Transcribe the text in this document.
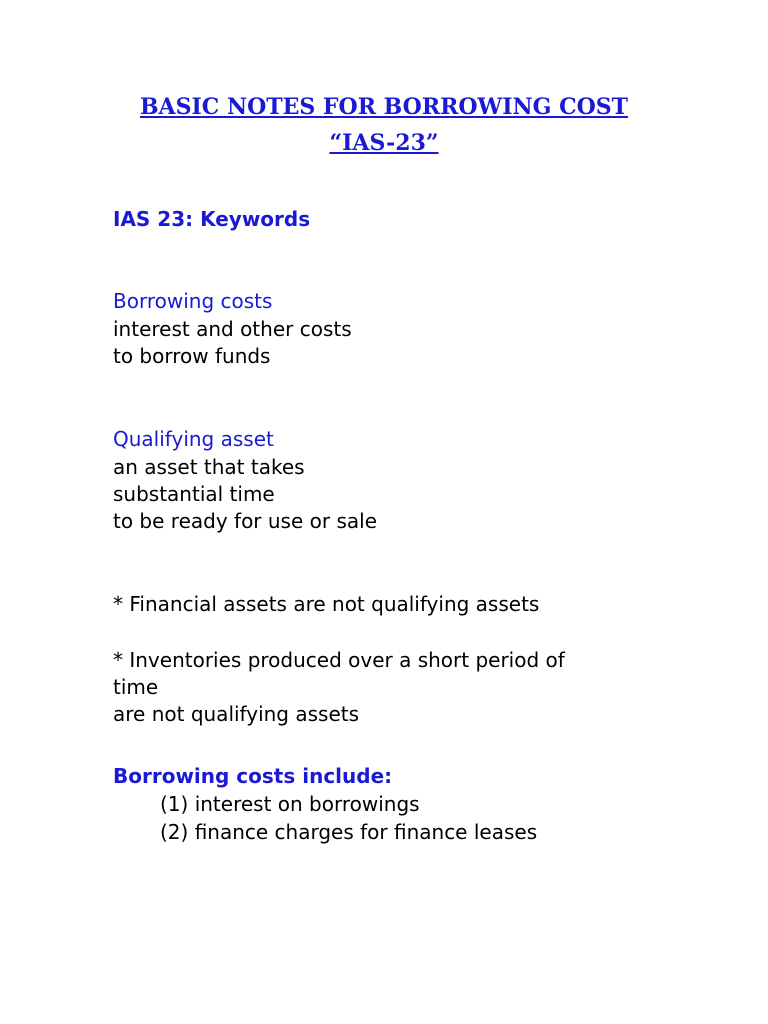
BASIC NOTES FOR BORROWING COST
“IAS-23”
IAS 23: Keywords
Borrowing costs
interest and other costs
to borrow funds
Qualifying asset
an asset that takes
substantial time
to be ready for use or sale
* Financial assets are not qualifying assets
* Inventories produced over a short period of
time
are not qualifying assets
Borrowing costs include:
(1) interest on borrowings
(2) finance charges for finance leases
